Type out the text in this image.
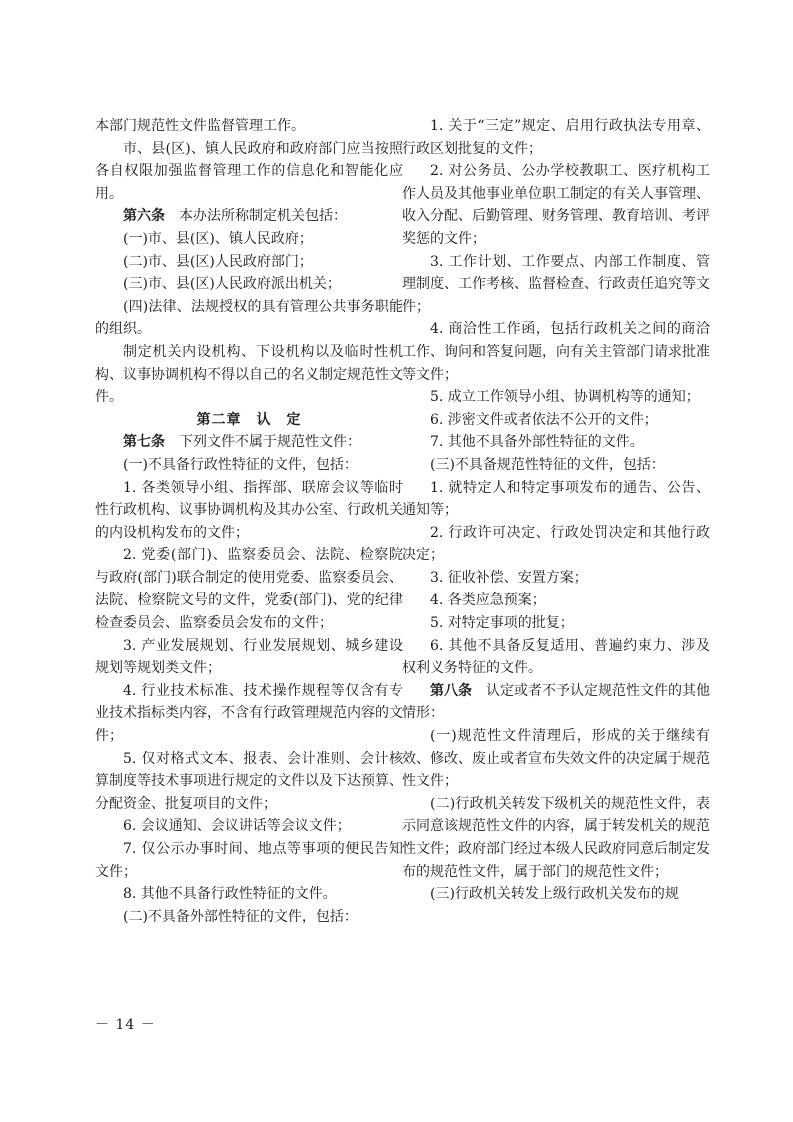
本部门规范性文件监督管理工作。

市、县(区)、镇人民政府和政府部门应当按照各自权限加强监督管理工作的信息化和智能化应用。

第六条　 本办法所称制定机关包括：

(一)市、县(区)、镇人民政府；

(二)市、县(区)人民政府部门；

(三)市、县(区)人民政府派出机关；

(四)法律、法规授权的具有管理公共事务职能的组织。

制定机关内设机构、下设机构以及临时性机构、议事协调机构不得以自己的名义制定规范性文件。

第二章　认　定

第七条　 下列文件不属于规范性文件：

(一)不具备行政性特征的文件，包括：

1. 各类领导小组、指挥部、联席会议等临时性行政机构、议事协调机构及其办公室、行政机关的内设机构发布的文件；

2. 党委(部门)、监察委员会、法院、检察院与政府(部门)联合制定的使用党委、监察委员会、法院、检察院文号的文件，党委(部门)、党的纪律检查委员会、监察委员会发布的文件；

3. 产业发展规划、行业发展规划、城乡建设规划等规划类文件；

4. 行业技术标准、技术操作规程等仅含有专业技术指标类内容，不含有行政管理规范内容的文件；

5. 仅对格式文本、报表、会计准则、会计核算制度等技术事项进行规定的文件以及下达预算、分配资金、批复项目的文件；

6. 会议通知、会议讲话等会议文件；

7. 仅公示办事时间、地点等事项的便民告知文件；

8. 其他不具备行政性特征的文件。

(二)不具备外部性特征的文件，包括：

1. 关于“三定”规定、启用行政执法专用章、行政区划批复的文件；

2. 对公务员、公办学校教职工、医疗机构工作人员及其他事业单位职工制定的有关人事管理、收入分配、后勤管理、财务管理、教育培训、考评奖惩的文件；

3. 工作计划、工作要点、内部工作制度、管理制度、工作考核、监督检查、行政责任追究等文件；

4. 商洽性工作函，包括行政机关之间的商洽工作、询问和答复问题，向有关主管部门请求批准等文件；

5. 成立工作领导小组、协调机构等的通知；

6. 涉密文件或者依法不公开的文件；

7. 其他不具备外部性特征的文件。

(三)不具备规范性特征的文件，包括：

1. 就特定人和特定事项发布的通告、公告、通知等；

2. 行政许可决定、行政处罚决定和其他行政决定；

3. 征收补偿、安置方案；

4. 各类应急预案；

5. 对特定事项的批复；

6. 其他不具备反复适用、普遍约束力、涉及权利义务特征的文件。

第八条　 认定或者不予认定规范性文件的其他情形：

(一)规范性文件清理后，形成的关于继续有效、修改、废止或者宣布失效文件的决定属于规范性文件；

(二)行政机关转发下级机关的规范性文件，表示同意该规范性文件的内容，属于转发机关的规范性文件；政府部门经过本级人民政府同意后制定发布的规范性文件，属于部门的规范性文件；

(三)行政机关转发上级行政机关发布的规

－ 14 －
